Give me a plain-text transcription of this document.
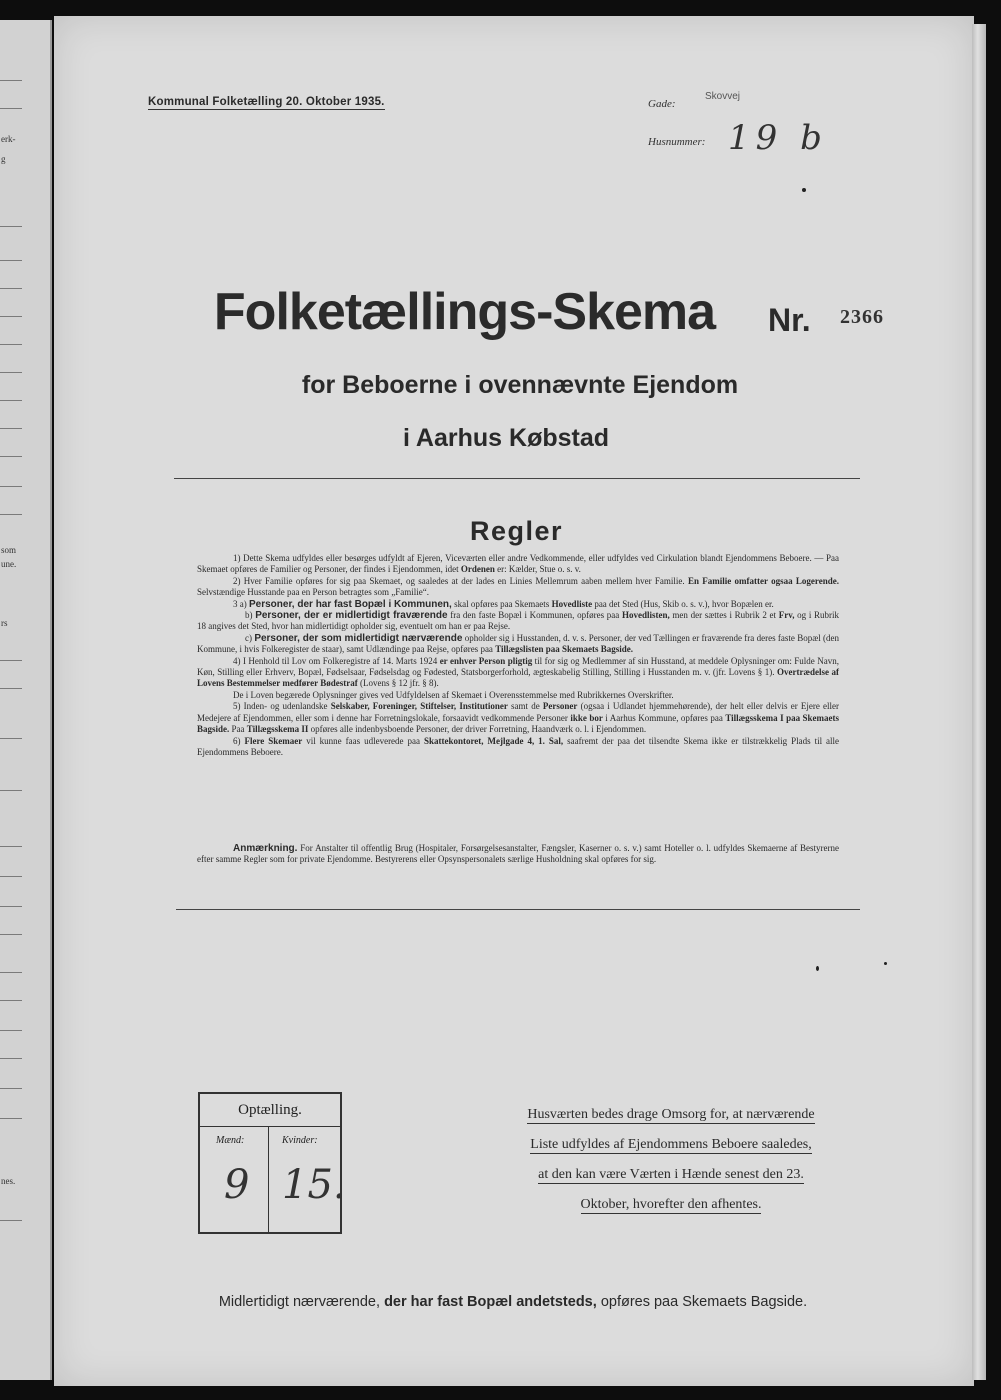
erk-
g
som
une.
rs
nes.
Kommunal Folketælling 20. Oktober 1935.	Gade:
Skovvej
Husnummer: 19 b
Folketællings-Skema	Nr. 2366
for Beboerne i ovennævnte Ejendom
i Aarhus Købstad
Regler

1) Dette Skema udfyldes eller besørges udfyldt af Ejeren, Viceværten eller andre Vedkommende, eller udfyldes ved Cirkulation blandt Ejendommens Beboere. — Paa Skemaet opføres de Familier og Personer, der findes i Ejendommen, idet Ordenen er: Kælder, Stue o. s. v.

2) Hver Familie opføres for sig paa Skemaet, og saaledes at der lades en Linies Mellemrum aaben mellem hver Familie. En Familie omfatter ogsaa Logerende. Selvstændige Husstande paa en Person betragtes som „Familie“.

3 a) Personer, der har fast Bopæl i Kommunen, skal opføres paa Skemaets Hovedliste paa det Sted (Hus, Skib o. s. v.), hvor Bopælen er.

b) Personer, der er midlertidigt fraværende fra den faste Bopæl i Kommunen, opføres paa Hovedlisten, men der sættes i Rubrik 2 et Frv, og i Rubrik 18 angives det Sted, hvor han midlertidigt opholder sig, eventuelt om han er paa Rejse.

c) Personer, der som midlertidigt nærværende opholder sig i Husstanden, d. v. s. Personer, der ved Tællingen er fraværende fra deres faste Bopæl (den Kommune, i hvis Folkeregister de staar), samt Udlændinge paa Rejse, opføres paa Tillægslisten paa Skemaets Bagside.

4) I Henhold til Lov om Folkeregistre af 14. Marts 1924 er enhver Person pligtig til for sig og Medlemmer af sin Husstand, at meddele Oplysninger om: Fulde Navn, Køn, Stilling eller Erhverv, Bopæl, Fødselsaar, Fødselsdag og Fødested, Statsborgerforhold, ægteskabelig Stilling, Stilling i Husstanden m. v. (jfr. Lovens § 1). Overtrædelse af Lovens Bestemmelser medfører Bødestraf (Lovens § 12 jfr. § 8).

De i Loven begærede Oplysninger gives ved Udfyldelsen af Skemaet i Overensstemmelse med Rubrikkernes Overskrifter.

5) Inden- og udenlandske Selskaber, Foreninger, Stiftelser, Institutioner samt de Personer (ogsaa i Udlandet hjemmehørende), der helt eller delvis er Ejere eller Medejere af Ejendommen, eller som i denne har Forretningslokale, forsaavidt vedkommende Personer ikke bor i Aarhus Kommune, opføres paa Tillægsskema I paa Skemaets Bagside. Paa Tillægsskema II opføres alle indenbysboende Personer, der driver Forretning, Haandværk o. l. i Ejendommen.

6) Flere Skemaer vil kunne faas udleverede paa Skattekontoret, Mejlgade 4, 1. Sal, saafremt der paa det tilsendte Skema ikke er tilstrækkelig Plads til alle Ejendommens Beboere.

Anmærkning. For Anstalter til offentlig Brug (Hospitaler, Forsørgelsesanstalter, Fængsler, Kaserner o. s. v.) samt Hoteller o. l. udfyldes Skemaerne af Bestyrerne efter samme Regler som for private Ejendomme. Bestyrerens eller Opsynspersonalets særlige Husholdning skal opføres for sig.

Optælling.
Mænd:	Kvinder:
9 15.
Husværten bedes drage Omsorg for, at nærværende
Liste udfyldes af Ejendommens Beboere saaledes,
at den kan være Værten i Hænde senest den 23.
Oktober, hvorefter den afhentes.
Midlertidigt nærværende, der har fast Bopæl andetsteds, opføres paa Skemaets Bagside.
